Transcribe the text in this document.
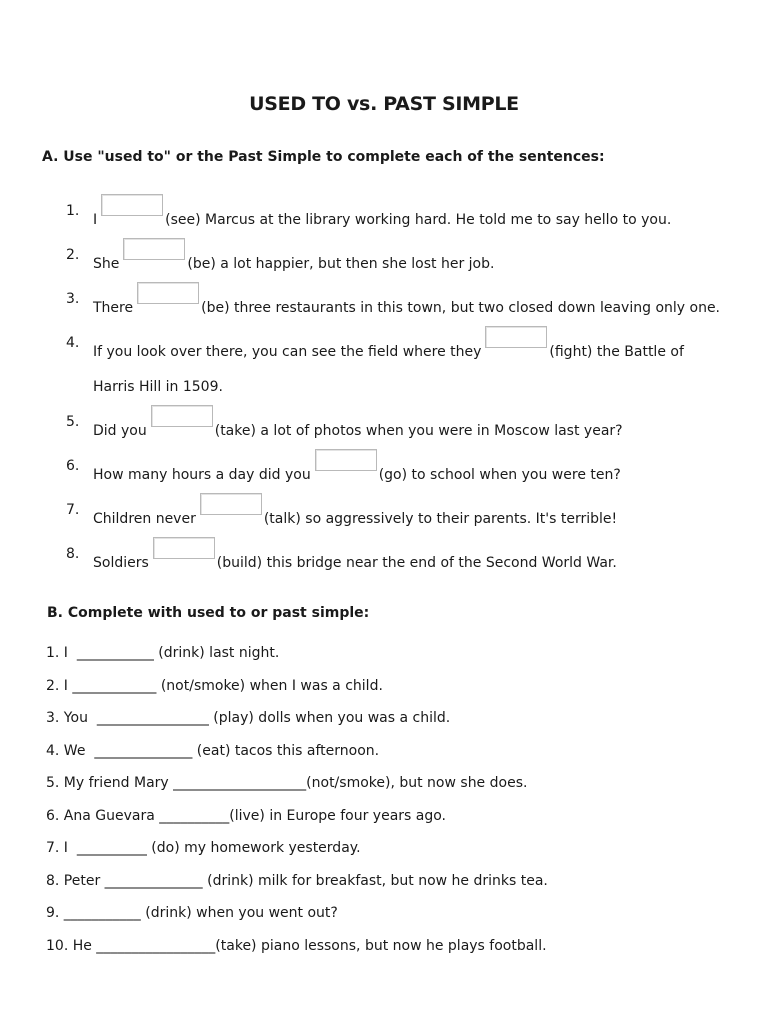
USED TO vs. PAST SIMPLE
A. Use "used to" or the Past Simple to complete each of the sentences:
1.
I	(see) Marcus at the library working hard. He told me to say hello to you.
2.
She	(be) a lot happier, but then she lost her job.
3.
There	(be) three restaurants in this town, but two closed down leaving only one.
4.
If you look over there, you can see the field where they	(fight) the Battle of Harris Hill in 1509.
5.
Did you	(take) a lot of photos when you were in Moscow last year?
6.
How many hours a day did you	(go) to school when you were ten?
7.
Children never	(talk) so aggressively to their parents. It's terrible!
8.
Soldiers	(build) this bridge near the end of the Second World War.
B. Complete with used to or past simple:
1. I  ___________ (drink) last night.
2. I ____________ (not/smoke) when I was a child.
3. You  ________________ (play) dolls when you was a child.
4. We  ______________ (eat) tacos this afternoon.
5. My friend Mary ___________________(not/smoke), but now she does.
6. Ana Guevara __________(live) in Europe four years ago.
7. I  __________ (do) my homework yesterday.
8. Peter ______________ (drink) milk for breakfast, but now he drinks tea.
9. ___________ (drink) when you went out?
10. He _________________(take) piano lessons, but now he plays football.
